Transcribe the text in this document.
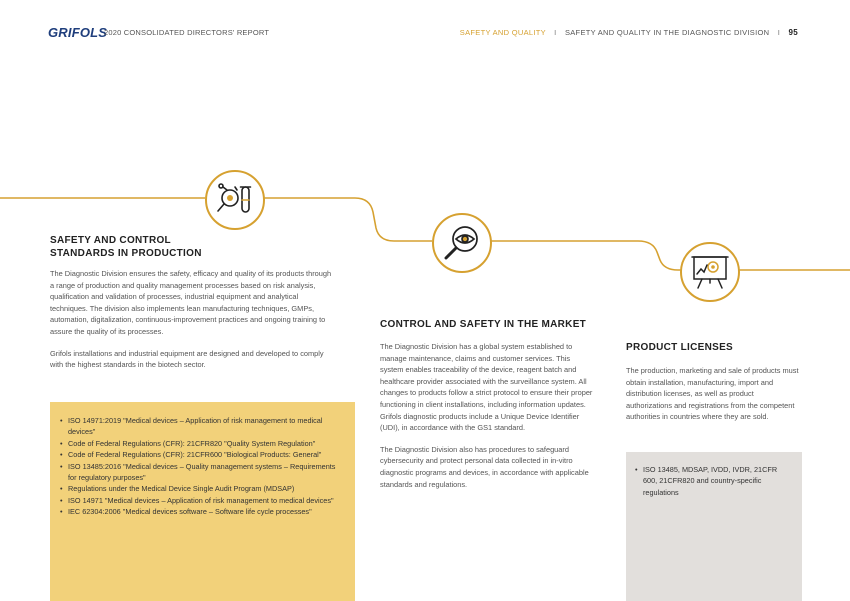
GRIFOLS
2020 CONSOLIDATED DIRECTORS' REPORT	SAFETY AND QUALITY I SAFETY AND QUALITY IN THE DIAGNOSTIC DIVISION I 95
SAFETY AND CONTROL
STANDARDS IN PRODUCTION

The Diagnostic Division ensures the safety, efficacy and quality of its products through a range of production and quality management processes based on risk analysis, qualification and validation of processes, industrial equipment and analytical techniques. The division also implements lean manufacturing techniques, GMPs, automation, digitalization, continuous-improvement practices and ongoing training to assure the quality of its processes.

Grifols installations and industrial equipment are designed and developed to comply with the highest standards in the biotech sector.

• ISO 14971:2019 "Medical devices – Application of risk management to medical devices"
• Code of Federal Regulations (CFR): 21CFR820 "Quality System Regulation"
• Code of Federal Regulations (CFR): 21CFR600 "Biological Products: General"
• ISO 13485:2016 "Medical devices – Quality management systems – Requirements for regulatory purposes"
• Regulations under the Medical Device Single Audit Program (MDSAP)
• ISO 14971 "Medical devices – Application of risk management to medical devices"
• IEC 62304:2006 "Medical devices software – Software life cycle processes"
CONTROL AND SAFETY IN THE MARKET

The Diagnostic Division has a global system established to manage maintenance, claims and customer services. This system enables traceability of the device, reagent batch and healthcare provider associated with the surveillance system. All changes to products follow a strict protocol to ensure their proper functioning in client installations, including information updates. Grifols diagnostic products include a Unique Device Identifier (UDI), in accordance with the GS1 standard.

The Diagnostic Division also has procedures to safeguard cybersecurity and protect personal data collected in in-vitro diagnostic programs and devices, in accordance with applicable standards and regulations.

PRODUCT LICENSES

The production, marketing and sale of products must obtain installation, manufacturing, import and distribution licenses, as well as product authorizations and registrations from the competent authorities in countries where they are sold.

• ISO 13485, MDSAP, IVDD, IVDR, 21CFR 600, 21CFR820 and country-specific regulations
